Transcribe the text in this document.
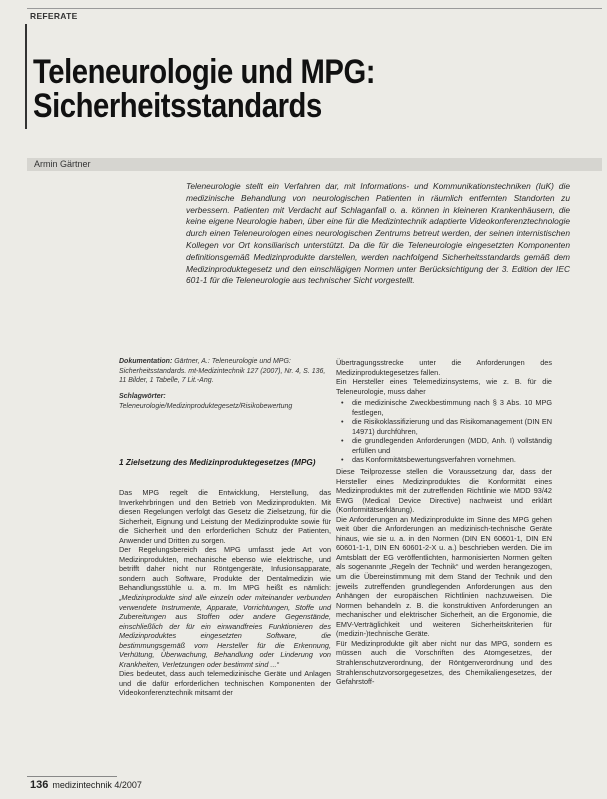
REFERATE
Teleneurologie und MPG:
Sicherheitsstandards
Armin Gärtner
Teleneurologie stellt ein Verfahren dar, mit Informations- und Kommunikationstechniken (IuK) die medizinische Behandlung von neurologischen Patienten in räumlich entfernten Standorten zu verbessern. Patienten mit Verdacht auf Schlaganfall o. a. können in kleineren Krankenhäusern, die keine eigene Neurologie haben, über eine für die Medizintechnik adaptierte Videokonferenztechnologie durch einen Teleneurologen eines neurologischen Zentrums betreut werden, der seinen internistischen Kollegen vor Ort konsiliarisch unterstützt. Da die für die Teleneurologie eingesetzten Komponenten definitionsgemäß Medizinprodukte darstellen, werden nachfolgend Sicherheitsstandards gemäß dem Medizinproduktegesetz und den einschlägigen Normen unter Berücksichtigung der 3. Edition der IEC 601-1 für die Teleneurologie aus technischer Sicht vorgestellt.

Dokumentation: Gärtner, A.: Teleneurologie und MPG: Sicherheitsstandards. mt-Medizintechnik 127 (2007), Nr. 4, S. 136, 11 Bilder, 1 Tabelle, 7 Lit.-Ang.

Schlagwörter: Teleneurologie/Medizinproduktegesetz/Risikobewertung

1 Zielsetzung des Medizinproduktegesetzes (MPG)

Das MPG regelt die Entwicklung, Herstellung, das Inverkehrbringen und den Betrieb von Medizinprodukten. Mit diesen Regelungen verfolgt das Gesetz die Zielsetzung, für die Sicherheit, Eignung und Leistung der Medizinprodukte sowie für die Sicherheit und den erforderlichen Schutz der Patienten, Anwender und Dritten zu sorgen.

Der Regelungsbereich des MPG umfasst jede Art von Medizinprodukten, mechanische ebenso wie elektrische, und betrifft daher nicht nur Röntgengeräte, Infusionsapparate, sondern auch Software, Produkte der Dentalmedizin wie Behandlungsstühle u. a. m. Im MPG heißt es nämlich: „Medizinprodukte sind alle einzeln oder miteinander verbunden verwendete Instrumente, Apparate, Vorrichtungen, Stoffe und Zubereitungen aus Stoffen oder andere Gegenstände, einschließlich der für ein einwandfreies Funktionieren des Medizinproduktes eingesetzten Software, die bestimmungsgemäß vom Hersteller für die Erkennung, Verhütung, Überwachung, Behandlung oder Linderung von Krankheiten, Verletzungen oder bestimmt sind ...“

Dies bedeutet, dass auch telemedizinische Geräte und Anlagen und die dafür erforderlichen technischen Komponenten der Videokonferenztechnik mitsamt der

Übertragungsstrecke unter die Anforderungen des Medizinproduktegesetzes fallen.

Ein Hersteller eines Telemedizinsystems, wie z. B. für die Teleneurologie, muss daher

• die medizinische Zweckbestimmung nach § 3 Abs. 10 MPG festlegen,
• die Risikoklassifizierung und das Risikomanagement (DIN EN 14971) durchführen,
• die grundlegenden Anforderungen (MDD, Anh. I) vollständig erfüllen und
• das Konformitätsbewertungsverfahren vornehmen.

Diese Teilprozesse stellen die Voraussetzung dar, dass der Hersteller eines Medizinproduktes die Konformität eines Medizinproduktes mit der zutreffenden Richtlinie wie MDD 93/42 EWG (Medical Device Directive) nachweist und erklärt (Konformitätserklärung).

Die Anforderungen an Medizinprodukte im Sinne des MPG gehen weit über die Anforderungen an medizinisch-technische Geräte hinaus, wie sie u. a. in den Normen (DIN EN 60601-1, DIN EN 60601-1-1, DIN EN 60601-2-X u. a.) beschrieben werden. Die im Amtsblatt der EG veröffentlichten, harmonisierten Normen gelten als sogenannte „Regeln der Technik“ und werden herangezogen, um die Übereinstimmung mit dem Stand der Technik und den jeweils zutreffenden grundlegenden Anforderungen aus den Anhängen der europäischen Richtlinien nachzuweisen. Die Normen behandeln z. B. die konstruktiven Anforderungen an mechanischer und elektrischer Sicherheit, an die Ergonomie, die EMV-Verträglichkeit und weiteren Sicherheitskriterien für (medizin-)technische Geräte.

Für Medizinprodukte gilt aber nicht nur das MPG, sondern es müssen auch die Vorschriften des Atomgesetzes, der Strahlenschutzverordnung, der Röntgenverordnung und des Strahlenschutzvorsorgegesetzes, des Chemikaliengesetzes, der Gefahrstoff-

136 medizintechnik 4/2007
